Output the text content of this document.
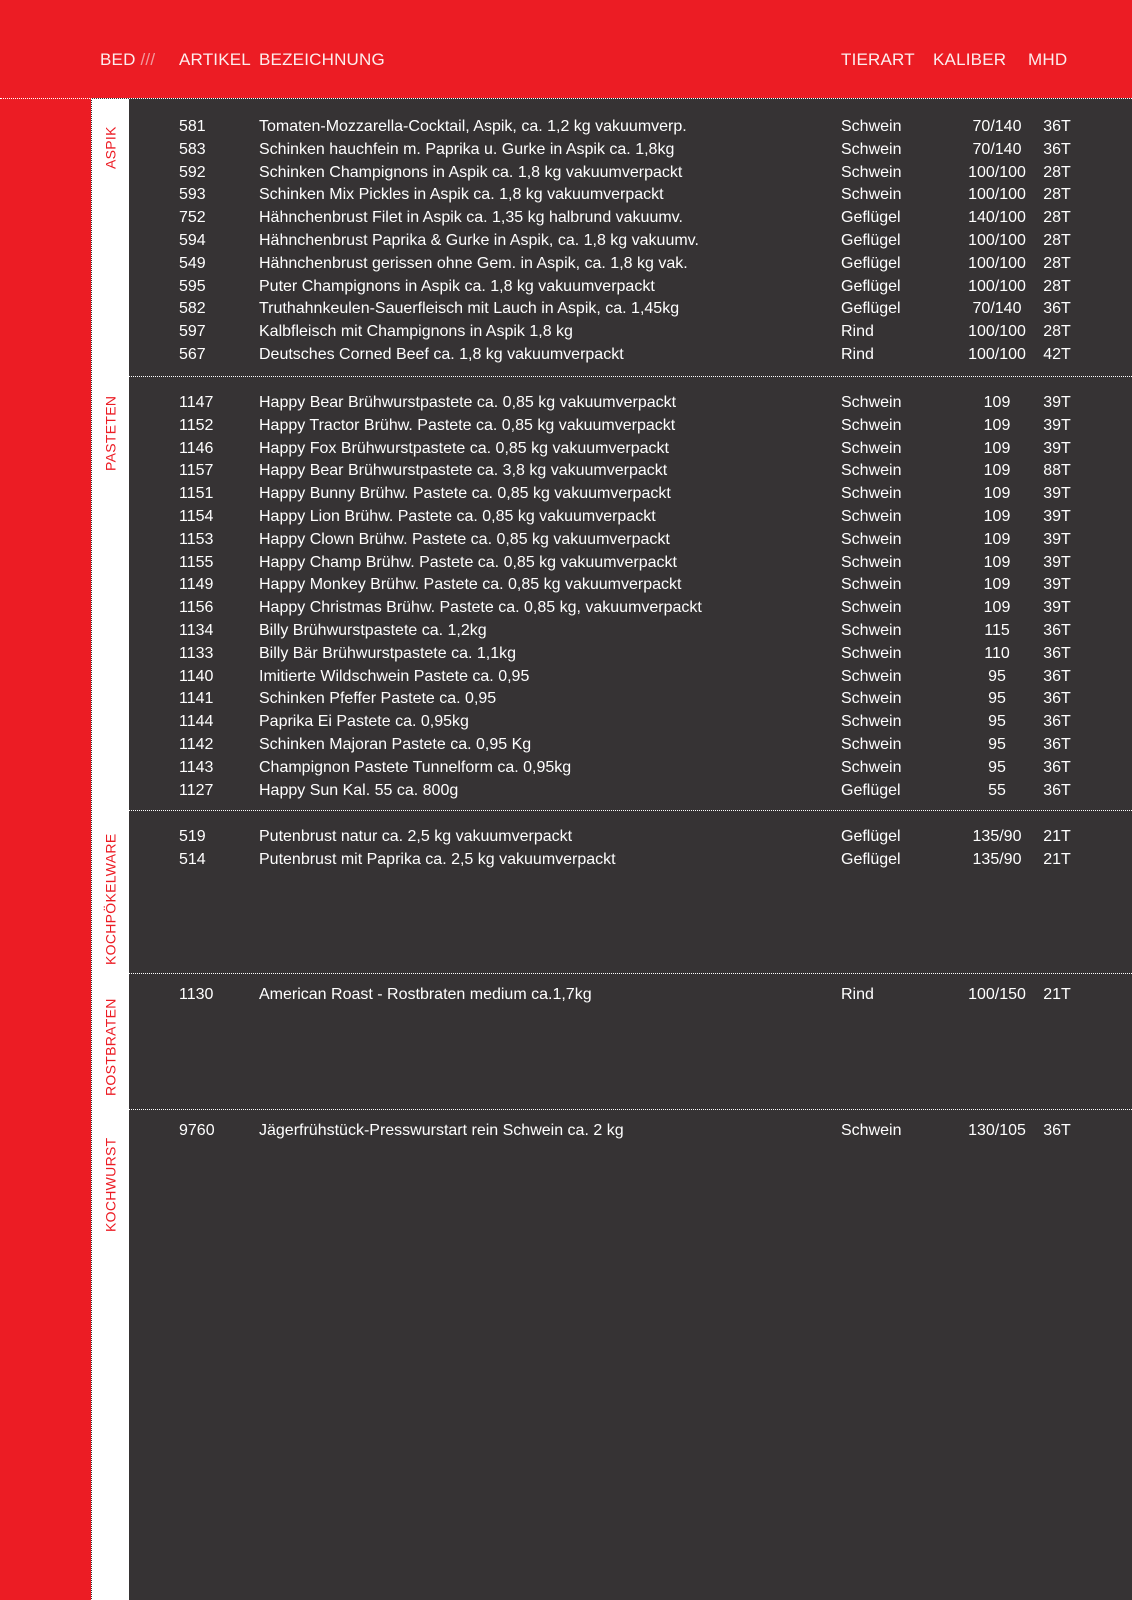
BED /// ARTIKEL BEZEICHNUNG	TIERART KALIBER MHD
ASPIK	581	Tomaten-Mozzarella-Cocktail, Aspik, ca. 1,2 kg vakuumverp.	Schwein	70/140	36T
583	Schinken hauchfein m. Paprika u. Gurke in Aspik ca. 1,8kg	Schwein	70/140	36T
592	Schinken Champignons in Aspik ca. 1,8 kg vakuumverpackt	Schwein	100/100	28T
593	Schinken Mix Pickles in Aspik ca. 1,8 kg vakuumverpackt	Schwein	100/100	28T
752	Hähnchenbrust Filet in Aspik ca. 1,35 kg halbrund vakuumv.	Geflügel	140/100	28T
594	Hähnchenbrust Paprika & Gurke in Aspik, ca. 1,8 kg vakuumv.	Geflügel	100/100	28T
549	Hähnchenbrust gerissen ohne Gem. in Aspik, ca. 1,8 kg vak.	Geflügel	100/100	28T
595	Puter Champignons in Aspik ca. 1,8 kg vakuumverpackt	Geflügel	100/100	28T
582	Truthahnkeulen-Sauerfleisch mit Lauch in Aspik, ca. 1,45kg	Geflügel	70/140	36T
597	Kalbfleisch mit Champignons in Aspik 1,8 kg	Rind	100/100	28T
567	Deutsches Corned Beef ca. 1,8 kg vakuumverpackt	Rind	100/100	42T
PASTETEN	1147	Happy Bear Brühwurstpastete ca. 0,85 kg vakuumverpackt	Schwein	109	39T
1152	Happy Tractor Brühw. Pastete ca. 0,85 kg vakuumverpackt	Schwein	109	39T
1146	Happy Fox Brühwurstpastete ca. 0,85 kg vakuumverpackt	Schwein	109	39T
1157	Happy Bear Brühwurstpastete ca. 3,8 kg vakuumverpackt	Schwein	109	88T
1151	Happy Bunny Brühw. Pastete ca. 0,85 kg vakuumverpackt	Schwein	109	39T
1154	Happy Lion Brühw. Pastete ca. 0,85 kg vakuumverpackt	Schwein	109	39T
1153	Happy Clown Brühw. Pastete ca. 0,85 kg vakuumverpackt	Schwein	109	39T
1155	Happy Champ Brühw. Pastete ca. 0,85 kg vakuumverpackt	Schwein	109	39T
1149	Happy Monkey Brühw. Pastete ca. 0,85 kg vakuumverpackt	Schwein	109	39T
1156	Happy Christmas Brühw. Pastete ca. 0,85 kg, vakuumverpackt	Schwein	109	39T
1134	Billy Brühwurstpastete ca. 1,2kg	Schwein	115	36T
1133	Billy Bär Brühwurstpastete ca. 1,1kg	Schwein	110	36T
1140	Imitierte Wildschwein Pastete ca. 0,95	Schwein	95	36T
1141	Schinken Pfeffer Pastete ca. 0,95	Schwein	95	36T
1144	Paprika Ei Pastete ca. 0,95kg	Schwein	95	36T
1142	Schinken Majoran Pastete ca. 0,95 Kg	Schwein	95	36T
1143	Champignon Pastete Tunnelform ca. 0,95kg	Schwein	95	36T
1127	Happy Sun Kal. 55 ca. 800g	Geflügel	55	36T
KOCHPÖKELWARE	519	Putenbrust natur ca. 2,5 kg vakuumverpackt	Geflügel	135/90	21T
514	Putenbrust mit Paprika ca. 2,5 kg vakuumverpackt	Geflügel	135/90	21T
ROSTBRATEN
1130	American Roast - Rostbraten medium ca.1,7kg	Rind	100/150	21T
KOCHWURST
9760	Jägerfrühstück-Presswurstart rein Schwein ca. 2 kg	Schwein	130/105	36T
